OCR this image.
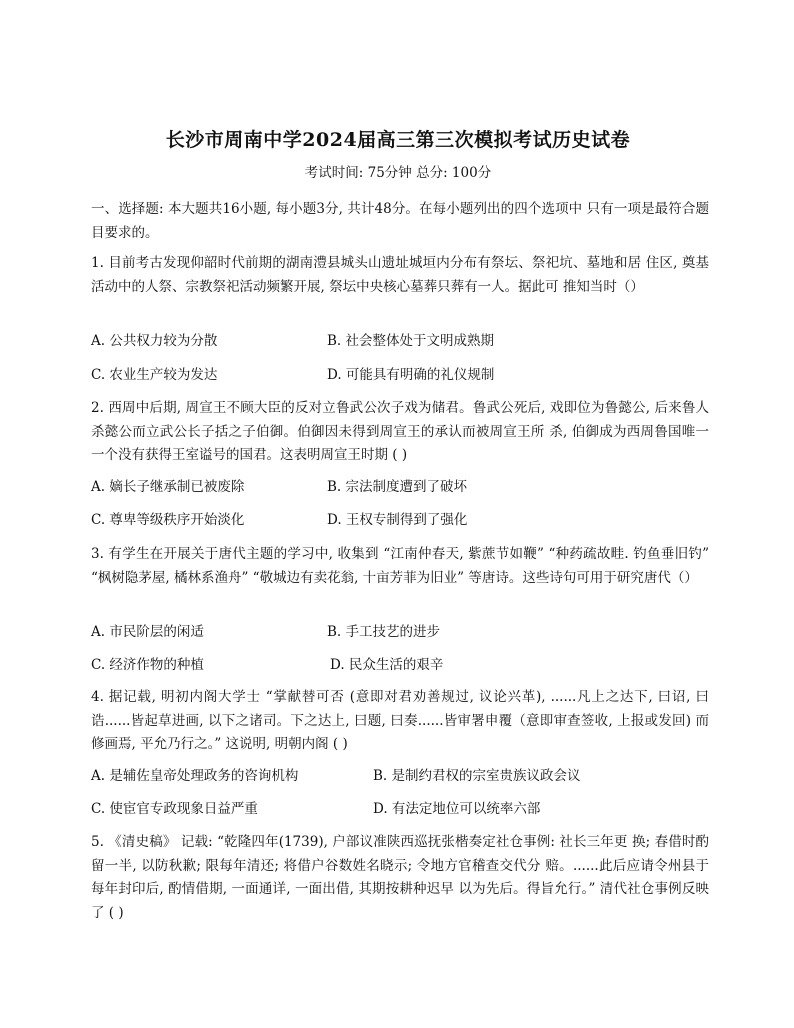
长沙市周南中学2024届高三第三次模拟考试历史试卷
考试时间: 75分钟 总分: 100分
一、选择题: 本大题共16小题, 每小题3分, 共计48分。在每小题列出的四个选项中 只有一项是最符合题目要求的。
1. 目前考古发现仰韶时代前期的湖南澧县城头山遗址城垣内分布有祭坛、祭祀坑、墓地和居 住区, 奠基活动中的人祭、宗教祭祀活动频繁开展, 祭坛中央核心墓葬只葬有一人。据此可 推知当时（）
A. 公共权力较为分散	B. 社会整体处于文明成熟期
C. 农业生产较为发达	D. 可能具有明确的礼仪规制
2. 西周中后期, 周宣王不顾大臣的反对立鲁武公次子戏为储君。鲁武公死后, 戏即位为鲁懿公, 后来鲁人杀懿公而立武公长子括之子伯御。伯御因未得到周宣王的承认而被周宣王所 杀, 伯御成为西周鲁国唯一一个没有获得王室谥号的国君。这表明周宣王时期 ( )
A. 嫡长子继承制已被废除	B. 宗法制度遭到了破坏
C. 尊卑等级秩序开始淡化	D. 王权专制得到了强化
3. 有学生在开展关于唐代主题的学习中, 收集到 “江南仲春天, 紫蔗节如鞭” “种药疏故畦. 钓鱼垂旧钓” “枫树隐茅屋, 橘林系渔舟” “敬城边有卖花翁, 十亩芳菲为旧业” 等唐诗。这些诗句可用于研究唐代（）
A. 市民阶层的闲适	B. 手工技艺的进步
C. 经济作物的种植	D. 民众生活的艰辛
4. 据记载, 明初内阁大学士 “掌献替可否 (意即对君劝善规过, 议论兴革), ......凡上之达下, 曰诏, 曰诰......皆起草进画, 以下之诸司。下之达上, 曰题, 曰奏......皆审署申覆（意即审查签收, 上报或发回) 而修画焉, 平允乃行之。” 这说明, 明朝内阁 ( )
A. 是辅佐皇帝处理政务的咨询机构	B. 是制约君权的宗室贵族议政会议
C. 使宦官专政现象日益严重	D. 有法定地位可以统率六部
5. 《清史稿》 记载: “乾隆四年(1739), 户部议准陕西巡抚张楷奏定社仓事例: 社长三年更 换; 春借时酌留一半, 以防秋歉; 限每年清还; 将借户谷数姓名晓示; 令地方官稽查交代分 赔。......此后应请令州县于每年封印后, 酌情借期, 一面通详, 一面出借, 其期按耕种迟早 以为先后。得旨允行。” 清代社仓事例反映了 ( )
